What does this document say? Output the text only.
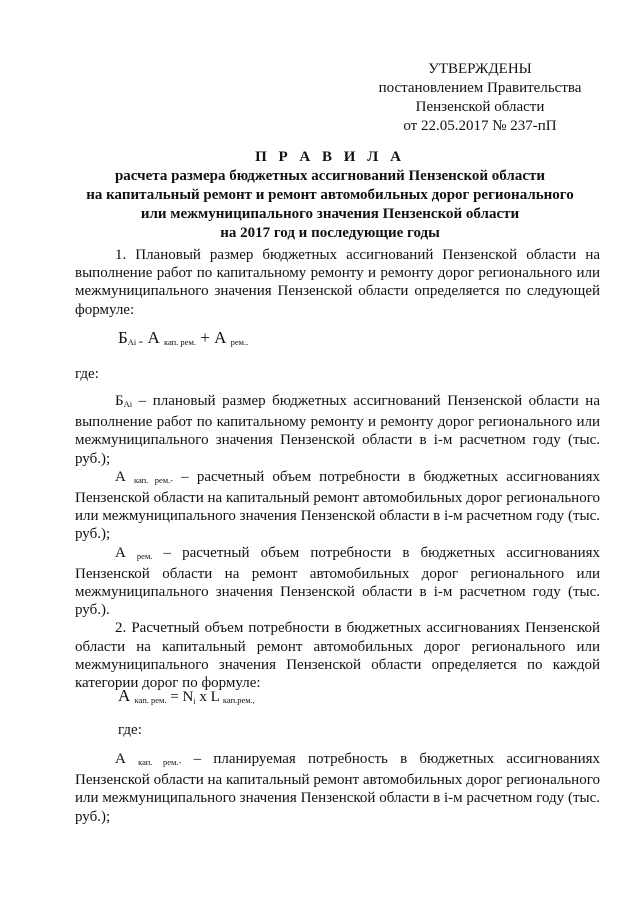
УТВЕРЖДЕНЫ
постановлением Правительства
Пензенской области
от 22.05.2017 № 237-пП
П Р А В И Л А
расчета размера бюджетных ассигнований Пензенской области
на капитальный ремонт и ремонт автомобильных дорог регионального
или межмуниципального значения Пензенской области
на 2017 год и последующие годы

1. Плановый размер бюджетных ассигнований Пензенской области на выполнение работ по капитальному ремонту и ремонту дорог регионального или межмуниципального значения Пензенской области определяется по следующей формуле:

$Б_{Ai =}$ А $_{кап. рем.}$ + А $_{рем..}$
где:

$Б_{Ai}$ – плановый размер бюджетных ассигнований Пензенской области на выполнение работ по капитальному ремонту и ремонту дорог регионального или межмуниципального значения Пензенской области в i-м расчетном году (тыс. руб.);

А $_{кап. рем.-}$ – расчетный объем потребности в бюджетных ассигнованиях Пензенской области на капитальный ремонт автомобильных дорог регионального или межмуниципального значения Пензенской области в i-м расчетном году (тыс. руб.);

А $_{рем.}$ – расчетный объем потребности в бюджетных ассигнованиях Пензенской области на ремонт автомобильных дорог регионального или межмуниципального значения Пензенской области в i-м расчетном году (тыс. руб.).

2. Расчетный объем потребности в бюджетных ассигнованиях Пензенской области на капитальный ремонт автомобильных дорог регионального или межмуниципального значения Пензенской области определяется по каждой категории дорог по формуле:

А $_{кап. рем.} = N_i$ x L $_{кап.рем.,}$
где:

А $_{кап. рем.-}$ – планируемая потребность в бюджетных ассигнованиях Пензенской области на капитальный ремонт автомобильных дорог регионального или межмуниципального значения Пензенской области в i-м расчетном году (тыс. руб.);
